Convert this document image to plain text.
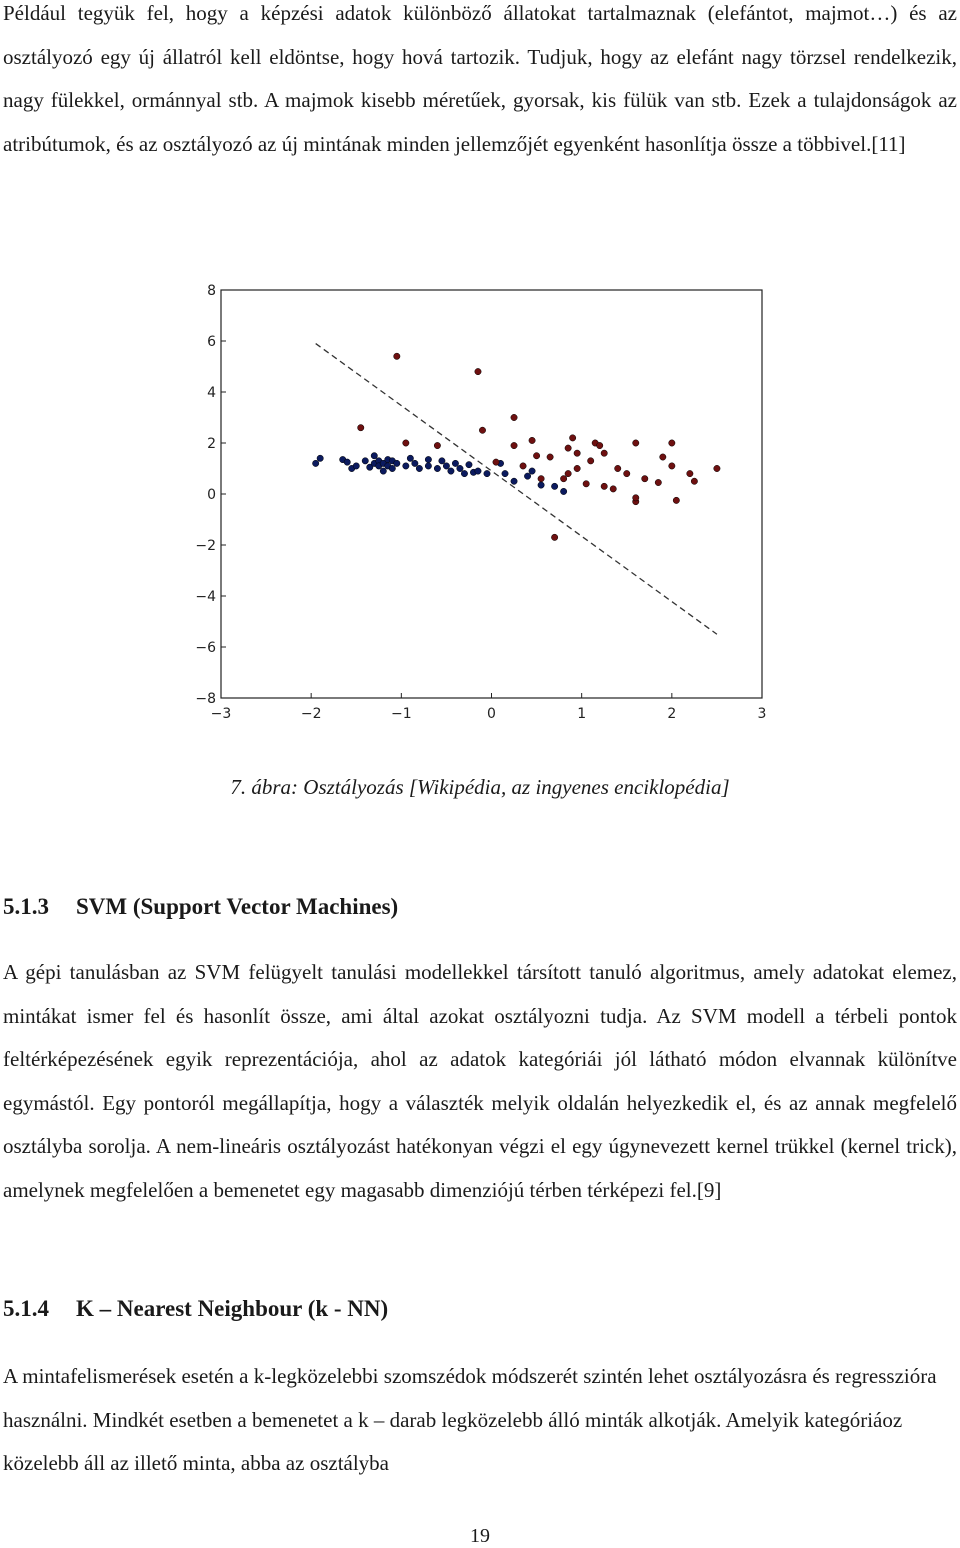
Például tegyük fel, hogy a képzési adatok különböző állatokat tartalmaznak (elefántot, majmot…) és az osztályozó egy új állatról kell eldöntse, hogy hová tartozik. Tudjuk, hogy az elefánt nagy törzsel rendelkezik, nagy fülekkel, ormánnyal stb. A majmok kisebb méretűek, gyorsak, kis fülük van stb. Ezek a tulajdonságok az atribútumok, és az osztályozó az új mintának minden jellemzőjét egyenként hasonlítja össze a többivel.[11]

−3	−2	−1	0	1	2	3
8
6
4
2
0
−2
−4
−6
−8

7. ábra: Osztályozás [Wikipédia, az ingyenes enciklopédia]

5.1.3 SVM (Support Vector Machines)

A gépi tanulásban az SVM felügyelt tanulási modellekkel társított tanuló algoritmus, amely adatokat elemez, mintákat ismer fel és hasonlít össze, ami által azokat osztályozni tudja. Az SVM modell a térbeli pontok feltérképezésének egyik reprezentációja, ahol az adatok kategóriái jól látható módon elvannak különítve egymástól. Egy pontoról megállapítja, hogy a választék melyik oldalán helyezkedik el, és az annak megfelelő osztályba sorolja. A nem-lineáris osztályozást hatékonyan végzi el egy úgynevezett kernel trükkel (kernel trick), amelynek megfelelően a bemenetet egy magasabb dimenziójú térben térképezi fel.[9]

5.1.4 K – Nearest Neighbour (k - NN)

A mintafelismerések esetén a k-legközelebbi szomszédok módszerét szintén lehet osztályozásra és regresszióra használni. Mindkét esetben a bemenetet a k – darab legközelebb álló minták alkotják. Amelyik kategóriáoz közelebb áll az illető minta, abba az osztályba

19
